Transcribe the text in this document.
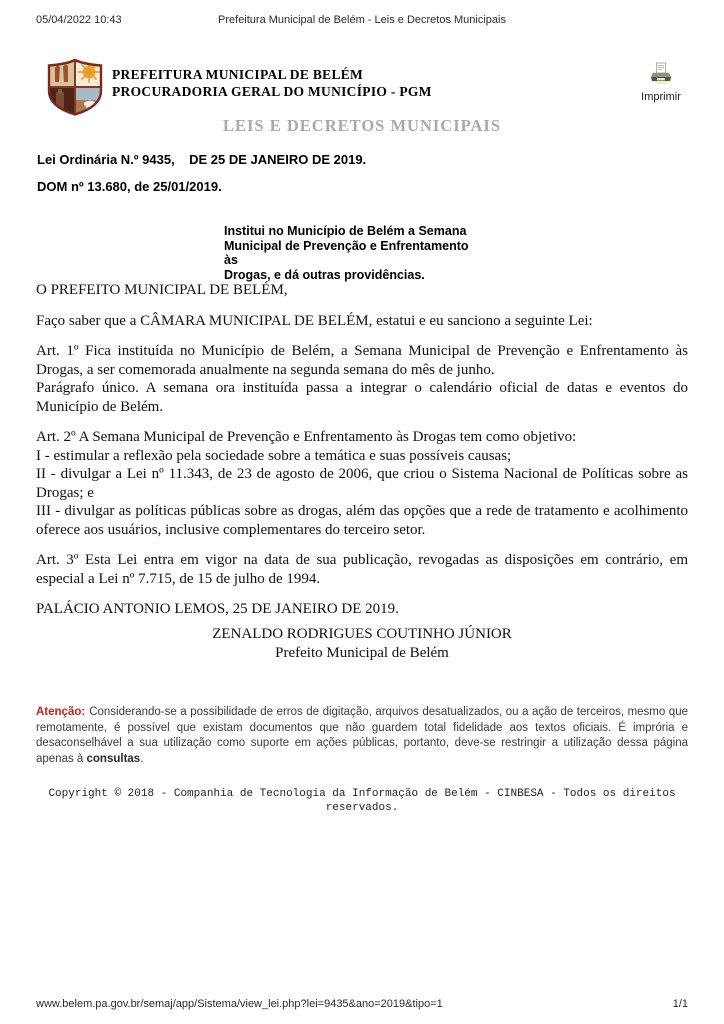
05/04/2022 10:43	Prefeitura Municipal de Belém - Leis e Decretos Municipais
PREFEITURA MUNICIPAL DE BELÉM
PROCURADORIA GERAL DO MUNICÍPIO - PGM	Imprimir
LEIS E DECRETOS MUNICIPAIS
Lei Ordinária N.º 9435,    DE 25 DE JANEIRO DE 2019.
DOM nº 13.680, de 25/01/2019.
Institui no Município de Belém a Semana
Municipal de Prevenção e Enfrentamento às
Drogas, e dá outras providências.
O PREFEITO MUNICIPAL DE BELÉM,
Faço saber que a CÂMARA MUNICIPAL DE BELÉM, estatui e eu sanciono a seguinte Lei:
Art. 1º Fica instituída no Município de Belém, a Semana Municipal de Prevenção e Enfrentamento às Drogas, a ser comemorada anualmente na segunda semana do mês de junho.
Parágrafo único. A semana ora instituída passa a integrar o calendário oficial de datas e eventos do Município de Belém.
Art. 2º A Semana Municipal de Prevenção e Enfrentamento às Drogas tem como objetivo:
I - estimular a reflexão pela sociedade sobre a temática e suas possíveis causas;
II - divulgar a Lei nº 11.343, de 23 de agosto de 2006, que criou o Sistema Nacional de Políticas sobre as Drogas; e
III - divulgar as políticas públicas sobre as drogas, além das opções que a rede de tratamento e acolhimento oferece aos usuários, inclusive complementares do terceiro setor.
Art. 3º Esta Lei entra em vigor na data de sua publicação, revogadas as disposições em contrário, em especial a Lei nº 7.715, de 15 de julho de 1994.
PALÁCIO ANTONIO LEMOS, 25 DE JANEIRO DE 2019.
ZENALDO RODRIGUES COUTINHO JÚNIOR
Prefeito Municipal de Belém
Atenção: Considerando-se a possibilidade de erros de digitação, arquivos desatualizados, ou a ação de terceiros, mesmo que remotamente, é possível que existam documentos que não guardem total fidelidade aos textos oficiais. É imprória e desaconselhável a sua utilização como suporte em ações públicas, portanto, deve-se restringir a utilização dessa página apenas à consultas.
Copyright © 2018 - Companhia de Tecnologia da Informação de Belém - CINBESA - Todos os direitos reservados.
www.belem.pa.gov.br/semaj/app/Sistema/view_lei.php?lei=9435&ano=2019&tipo=1	1/1
